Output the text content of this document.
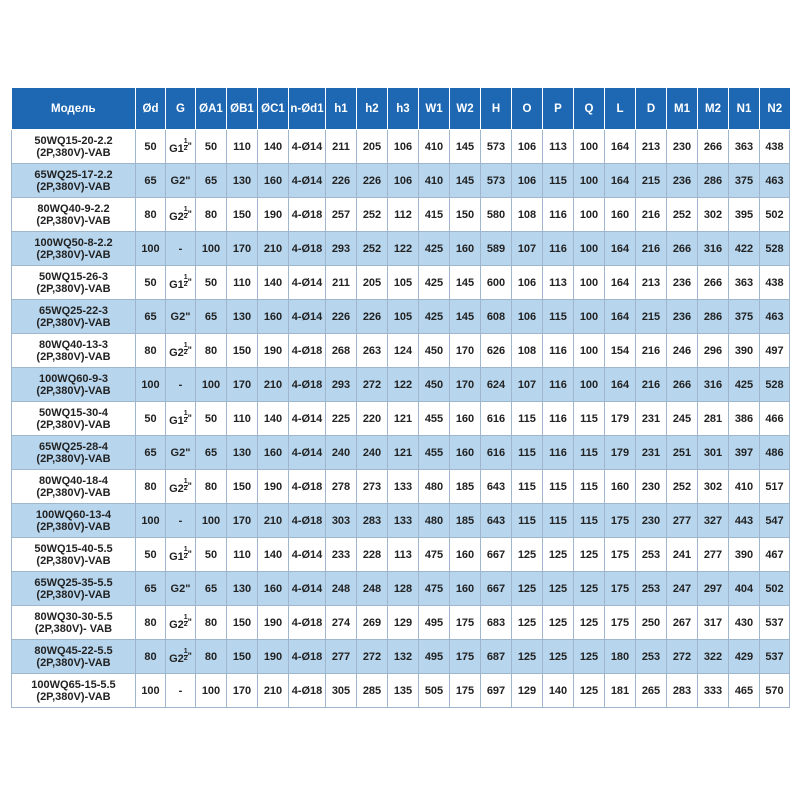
Модель	Ød	G	ØA1	ØB1	ØC1	n-Ød1	h1	h2	h3	W1	W2	H	O	P	Q	L	D	M1	M2	N1	N2

50WQ15-20-2.2
(2P,380V)-VAB	50	$G1 \frac{1}{2} ^"$	50	110	140	4-Ø14	211	205	106	410	145	573	106	113	100	164	213	230	266	363	438

65WQ25-17-2.2
(2P,380V)-VAB	65	G2"	65	130	160	4-Ø14	226	226	106	410	145	573	106	115	100	164	215	236	286	375	463

80WQ40-9-2.2
(2P,380V)-VAB	80	$G2 \frac{1}{2} ^"$	80	150	190	4-Ø18	257	252	112	415	150	580	108	116	100	160	216	252	302	395	502

100WQ50-8-2.2
(2P,380V)-VAB	100	-	100	170	210	4-Ø18	293	252	122	425	160	589	107	116	100	164	216	266	316	422	528

50WQ15-26-3
(2P,380V)-VAB	50	$G1 \frac{1}{2} ^"$	50	110	140	4-Ø14	211	205	105	425	145	600	106	113	100	164	213	236	266	363	438

65WQ25-22-3
(2P,380V)-VAB	65	G2"	65	130	160	4-Ø14	226	226	105	425	145	608	106	115	100	164	215	236	286	375	463

80WQ40-13-3
(2P,380V)-VAB	80	$G2 \frac{1}{2} ^"$	80	150	190	4-Ø18	268	263	124	450	170	626	108	116	100	154	216	246	296	390	497

100WQ60-9-3
(2P,380V)-VAB	100	-	100	170	210	4-Ø18	293	272	122	450	170	624	107	116	100	164	216	266	316	425	528

50WQ15-30-4
(2P,380V)-VAB	50	$G1 \frac{1}{2} ^"$	50	110	140	4-Ø14	225	220	121	455	160	616	115	116	115	179	231	245	281	386	466

65WQ25-28-4
(2P,380V)-VAB	65	G2"	65	130	160	4-Ø14	240	240	121	455	160	616	115	116	115	179	231	251	301	397	486

80WQ40-18-4
(2P,380V)-VAB	80	$G2 \frac{1}{2} ^"$	80	150	190	4-Ø18	278	273	133	480	185	643	115	115	115	160	230	252	302	410	517

100WQ60-13-4
(2P,380V)-VAB	100	-	100	170	210	4-Ø18	303	283	133	480	185	643	115	115	115	175	230	277	327	443	547

50WQ15-40-5.5
(2P,380V)-VAB	50	$G1 \frac{1}{2} ^"$	50	110	140	4-Ø14	233	228	113	475	160	667	125	125	125	175	253	241	277	390	467

65WQ25-35-5.5
(2P,380V)-VAB	65	G2"	65	130	160	4-Ø14	248	248	128	475	160	667	125	125	125	175	253	247	297	404	502

80WQ30-30-5.5
(2P,380V)- VAB	80	$G2 \frac{1}{2} ^"$	80	150	190	4-Ø18	274	269	129	495	175	683	125	125	125	175	250	267	317	430	537

80WQ45-22-5.5
(2P,380V)-VAB	80	$G2 \frac{1}{2} ^"$	80	150	190	4-Ø18	277	272	132	495	175	687	125	125	125	180	253	272	322	429	537

100WQ65-15-5.5
(2P,380V)-VAB	100	-	100	170	210	4-Ø18	305	285	135	505	175	697	129	140	125	181	265	283	333	465	570
